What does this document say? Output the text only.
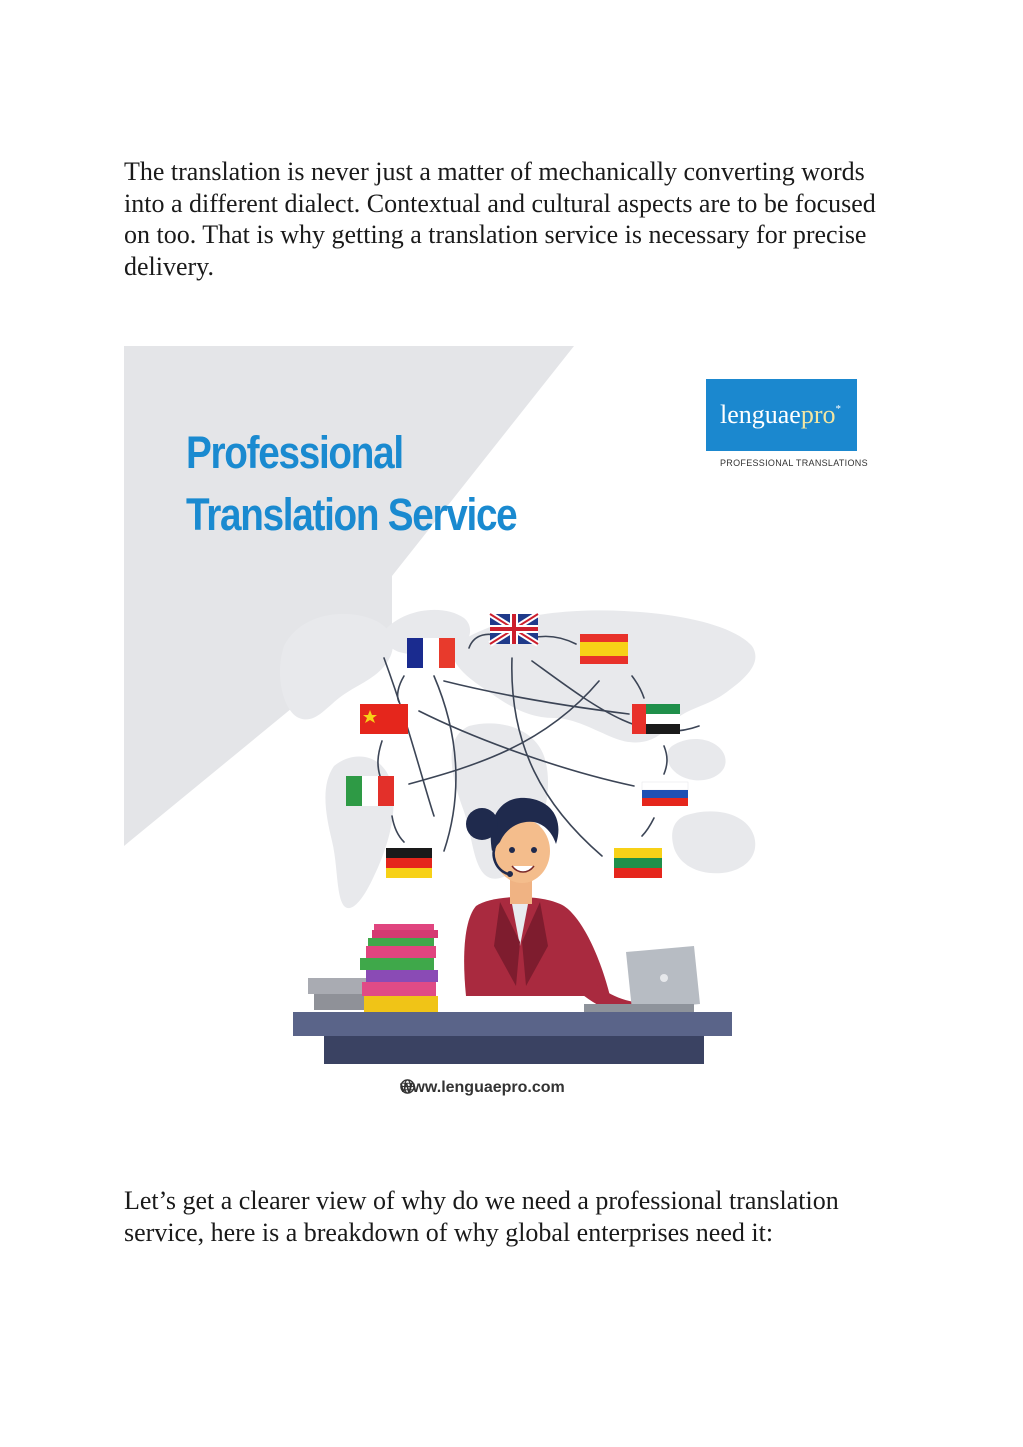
The translation is never just a matter of mechanically converting words into a different dialect. Contextual and cultural aspects are to be focused on too. That is why getting a translation service is necessary for precise delivery.

Professional
Translation Service
lenguaepro*
PROFESSIONAL TRANSLATIONS
www.lenguaepro.com

Let’s get a clearer view of why do we need a professional translation service, here is a breakdown of why global enterprises need it:
